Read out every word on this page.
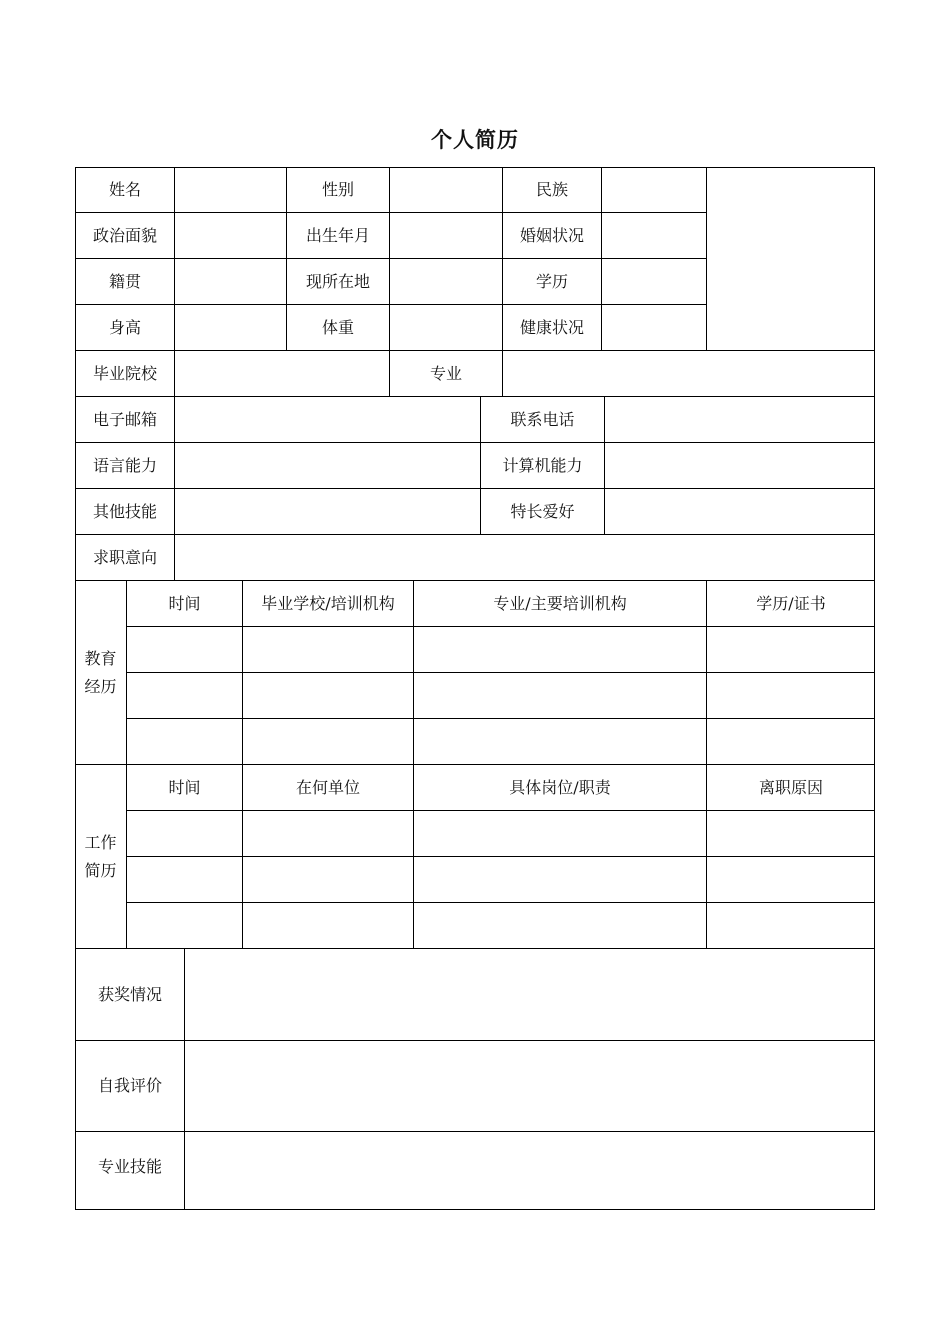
个人简历
姓名	性别	民族
政治面貌	出生年月	婚姻状况
籍贯	现所在地	学历
身高	体重	健康状况
毕业院校	专业
电子邮箱	联系电话
语言能力	计算机能力
其他技能	特长爱好
求职意向
教育
经历
时间	毕业学校/培训机构	专业/主要培训机构	学历/证书
工作
简历
时间	在何单位	具体岗位/职责	离职原因
获奖情况
自我评价
专业技能
